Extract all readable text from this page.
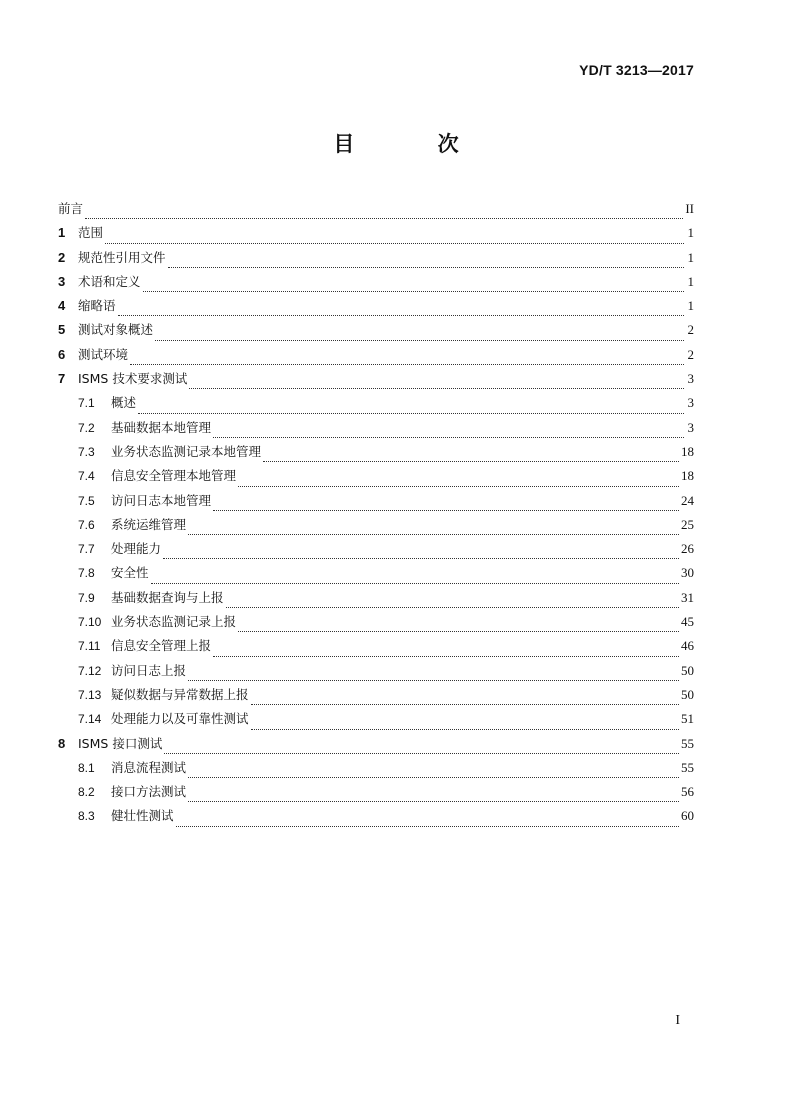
YD/T 3213—2017
目 次
前言	II
1	范围	1
2	规范性引用文件	1
3	术语和定义	1
4	缩略语	1
5	测试对象概述	2
6	测试环境	2
7	ISMS 技术要求测试	3
7.1	概述	3
7.2	基础数据本地管理	3
7.3	业务状态监测记录本地管理	18
7.4	信息安全管理本地管理	18
7.5	访问日志本地管理	24
7.6	系统运维管理	25
7.7	处理能力	26
7.8	安全性	30
7.9	基础数据查询与上报	31
7.10 业务状态监测记录上报	45
7.11 信息安全管理上报	46
7.12 访问日志上报	50
7.13 疑似数据与异常数据上报	50
7.14 处理能力以及可靠性测试	51
8	ISMS 接口测试	55
8.1	消息流程测试	55
8.2	接口方法测试	56
8.3	健壮性测试	60
I
